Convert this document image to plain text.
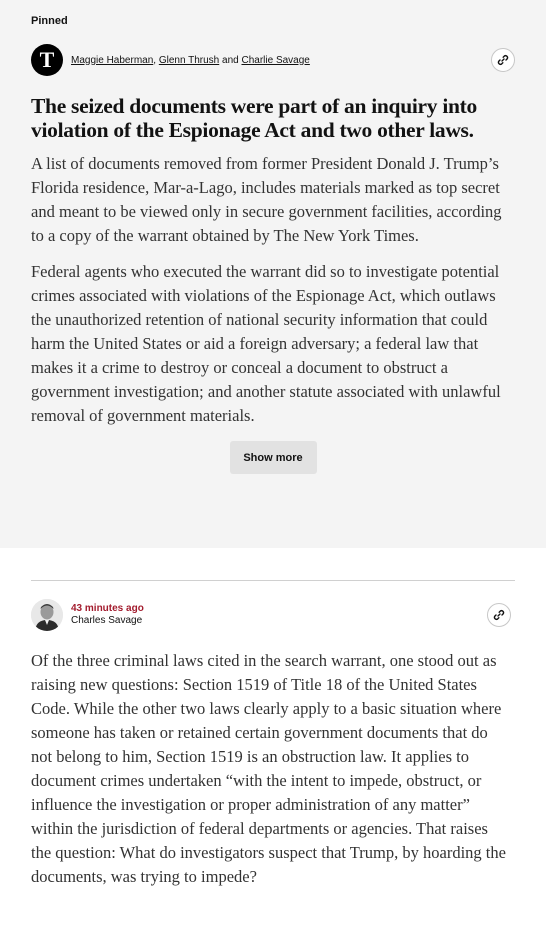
Pinned
T	Maggie Haberman, Glenn Thrush and Charlie Savage
The seized documents were part of an inquiry into violation of the Espionage Act and two other laws.

A list of documents removed from former President Donald J. Trump’s Florida residence, Mar-a-Lago, includes materials marked as top secret and meant to be viewed only in secure government facilities, according to a copy of the warrant obtained by The New York Times.

Federal agents who executed the warrant did so to investigate potential crimes associated with violations of the Espionage Act, which outlaws the unauthorized retention of national security information that could harm the United States or aid a foreign adversary; a federal law that makes it a crime to destroy or conceal a document to obstruct a government investigation; and another statute associated with unlawful removal of government materials.

Show more
43 minutes ago
Charles Savage

Of the three criminal laws cited in the search warrant, one stood out as raising new questions: Section 1519 of Title 18 of the United States Code. While the other two laws clearly apply to a basic situation where someone has taken or retained certain government documents that do not belong to him, Section 1519 is an obstruction law. It applies to document crimes undertaken “with the intent to impede, obstruct, or influence the investigation or proper administration of any matter” within the jurisdiction of federal departments or agencies. That raises the question: What do investigators suspect that Trump, by hoarding the documents, was trying to impede?
